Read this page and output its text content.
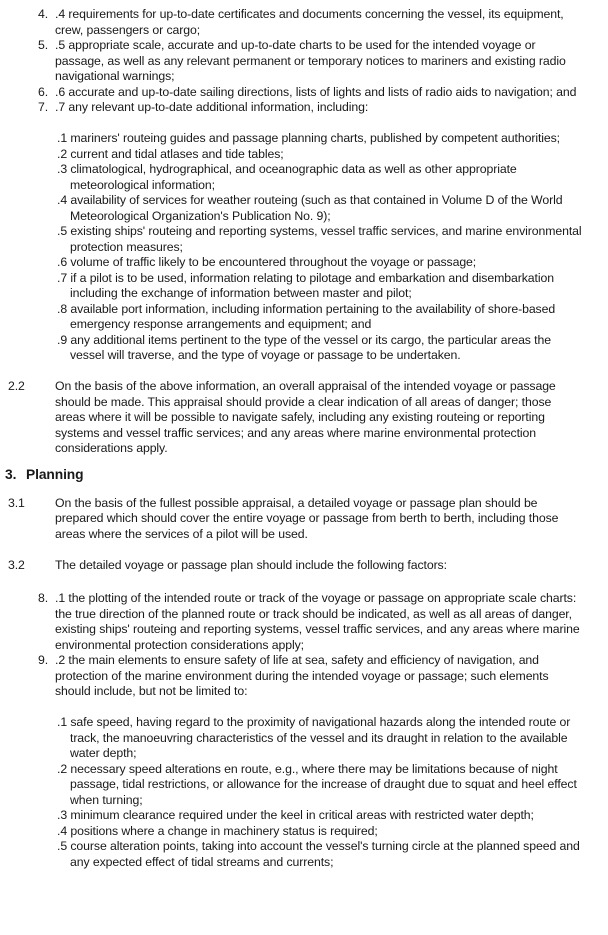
4. .4 requirements for up-to-date certificates and documents concerning the vessel, its equipment, crew, passengers or cargo;
5. .5 appropriate scale, accurate and up-to-date charts to be used for the intended voyage or passage, as well as any relevant permanent or temporary notices to mariners and existing radio navigational warnings;
6. .6 accurate and up-to-date sailing directions, lists of lights and lists of radio aids to navigation; and
7. .7 any relevant up-to-date additional information, including:
.1 mariners' routeing guides and passage planning charts, published by competent authorities;
.2 current and tidal atlases and tide tables;
.3 climatological, hydrographical, and oceanographic data as well as other appropriate meteorological information;
.4 availability of services for weather routeing (such as that contained in Volume D of the World Meteorological Organization's Publication No. 9);
.5 existing ships' routeing and reporting systems, vessel traffic services, and marine environmental protection measures;
.6 volume of traffic likely to be encountered throughout the voyage or passage;
.7 if a pilot is to be used, information relating to pilotage and embarkation and disembarkation including the exchange of information between master and pilot;
.8 available port information, including information pertaining to the availability of shore-based emergency response arrangements and equipment; and
.9 any additional items pertinent to the type of the vessel or its cargo, the particular areas the vessel will traverse, and the type of voyage or passage to be undertaken.
2.2 On the basis of the above information, an overall appraisal of the intended voyage or passage should be made. This appraisal should provide a clear indication of all areas of danger; those areas where it will be possible to navigate safely, including any existing routeing or reporting systems and vessel traffic services; and any areas where marine environmental protection considerations apply.
3. Planning
3.1 On the basis of the fullest possible appraisal, a detailed voyage or passage plan should be prepared which should cover the entire voyage or passage from berth to berth, including those areas where the services of a pilot will be used.
3.2 The detailed voyage or passage plan should include the following factors:
8. .1 the plotting of the intended route or track of the voyage or passage on appropriate scale charts: the true direction of the planned route or track should be indicated, as well as all areas of danger, existing ships' routeing and reporting systems, vessel traffic services, and any areas where marine environmental protection considerations apply;
9. .2 the main elements to ensure safety of life at sea, safety and efficiency of navigation, and protection of the marine environment during the intended voyage or passage; such elements should include, but not be limited to:
.1 safe speed, having regard to the proximity of navigational hazards along the intended route or track, the manoeuvring characteristics of the vessel and its draught in relation to the available water depth;
.2 necessary speed alterations en route, e.g., where there may be limitations because of night passage, tidal restrictions, or allowance for the increase of draught due to squat and heel effect when turning;
.3 minimum clearance required under the keel in critical areas with restricted water depth;
.4 positions where a change in machinery status is required;
.5 course alteration points, taking into account the vessel's turning circle at the planned speed and any expected effect of tidal streams and currents;
